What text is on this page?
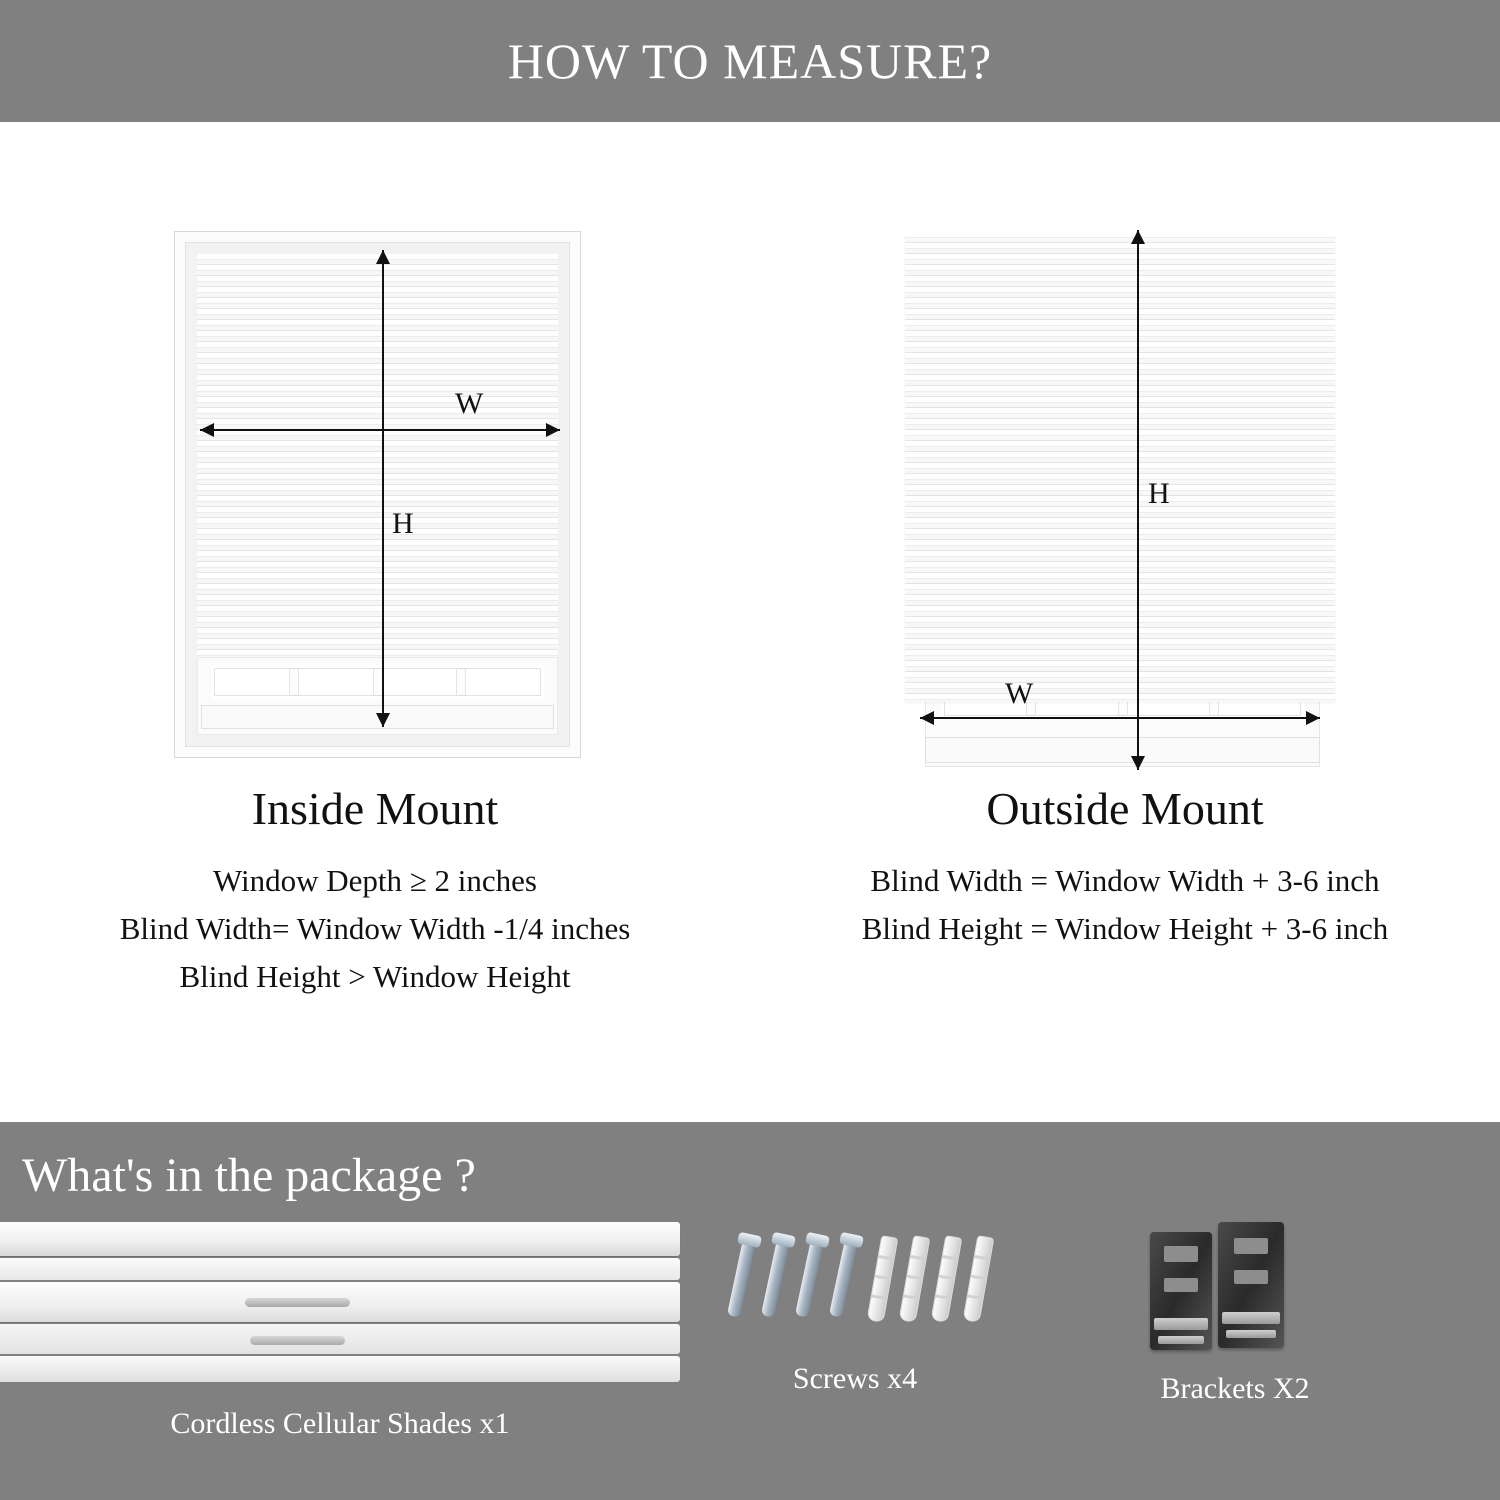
HOW TO MEASURE?
W
H
Inside Mount
Window Depth ≥ 2 inches
Blind Width= Window Width -1/4 inches
Blind Height > Window Height
W
H
Outside Mount
Blind Width = Window Width + 3-6 inch
Blind Height = Window Height + 3-6 inch
What's in the package ?
Cordless Cellular Shades x1
Screws x4	Brackets X2
